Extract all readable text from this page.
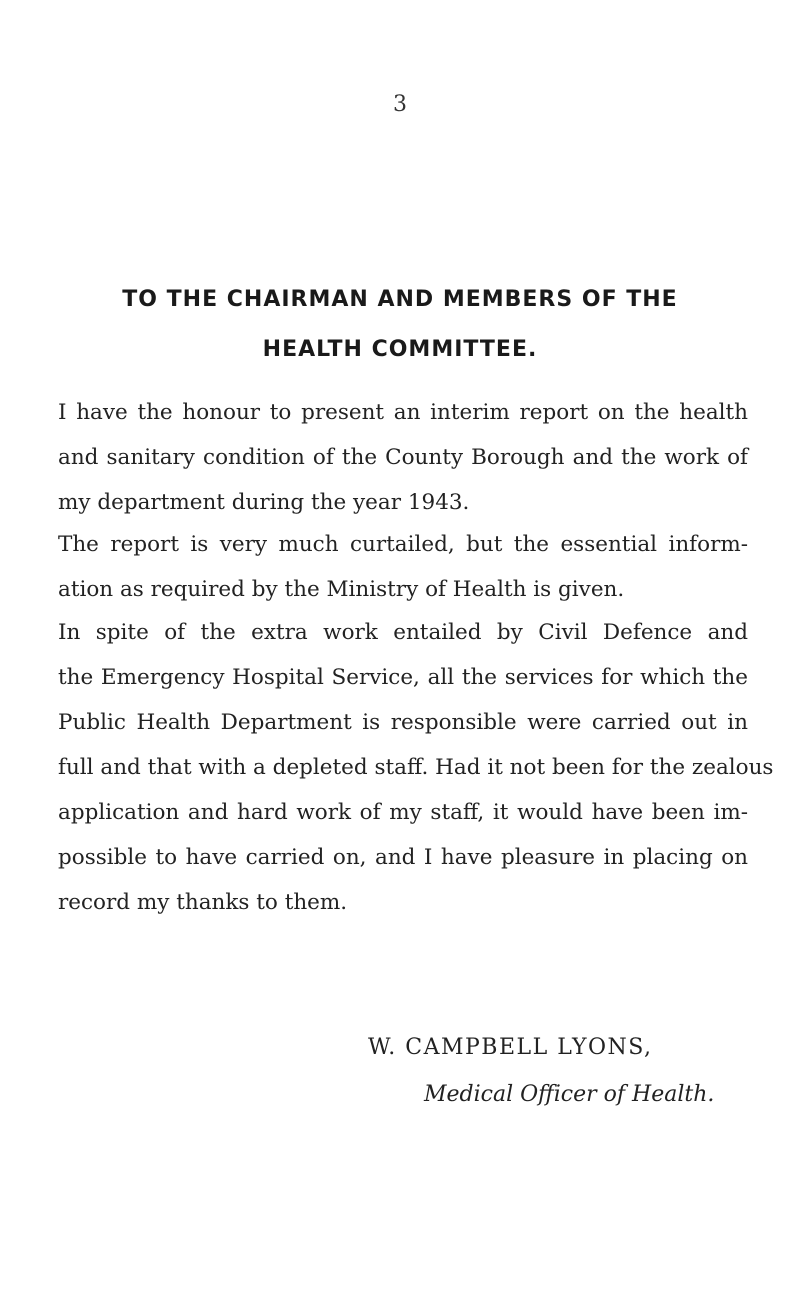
3
TO THE CHAIRMAN AND MEMBERS OF THE
HEALTH COMMITTEE.

I have the honour to present an interim report on the health
and sanitary condition of the County Borough and the work of
my department during the year 1943.

The report is very much curtailed, but the essential inform-
ation as required by the Ministry of Health is given.

In spite of the extra work entailed by Civil Defence and
the Emergency Hospital Service, all the services for which the
Public Health Department is responsible were carried out in
full and that with a depleted staff. Had it not been for the zealous
application and hard work of my staff, it would have been im-
possible to have carried on, and I have pleasure in placing on
record my thanks to them.

W. CAMPBELL LYONS,
Medical Officer of Health.
